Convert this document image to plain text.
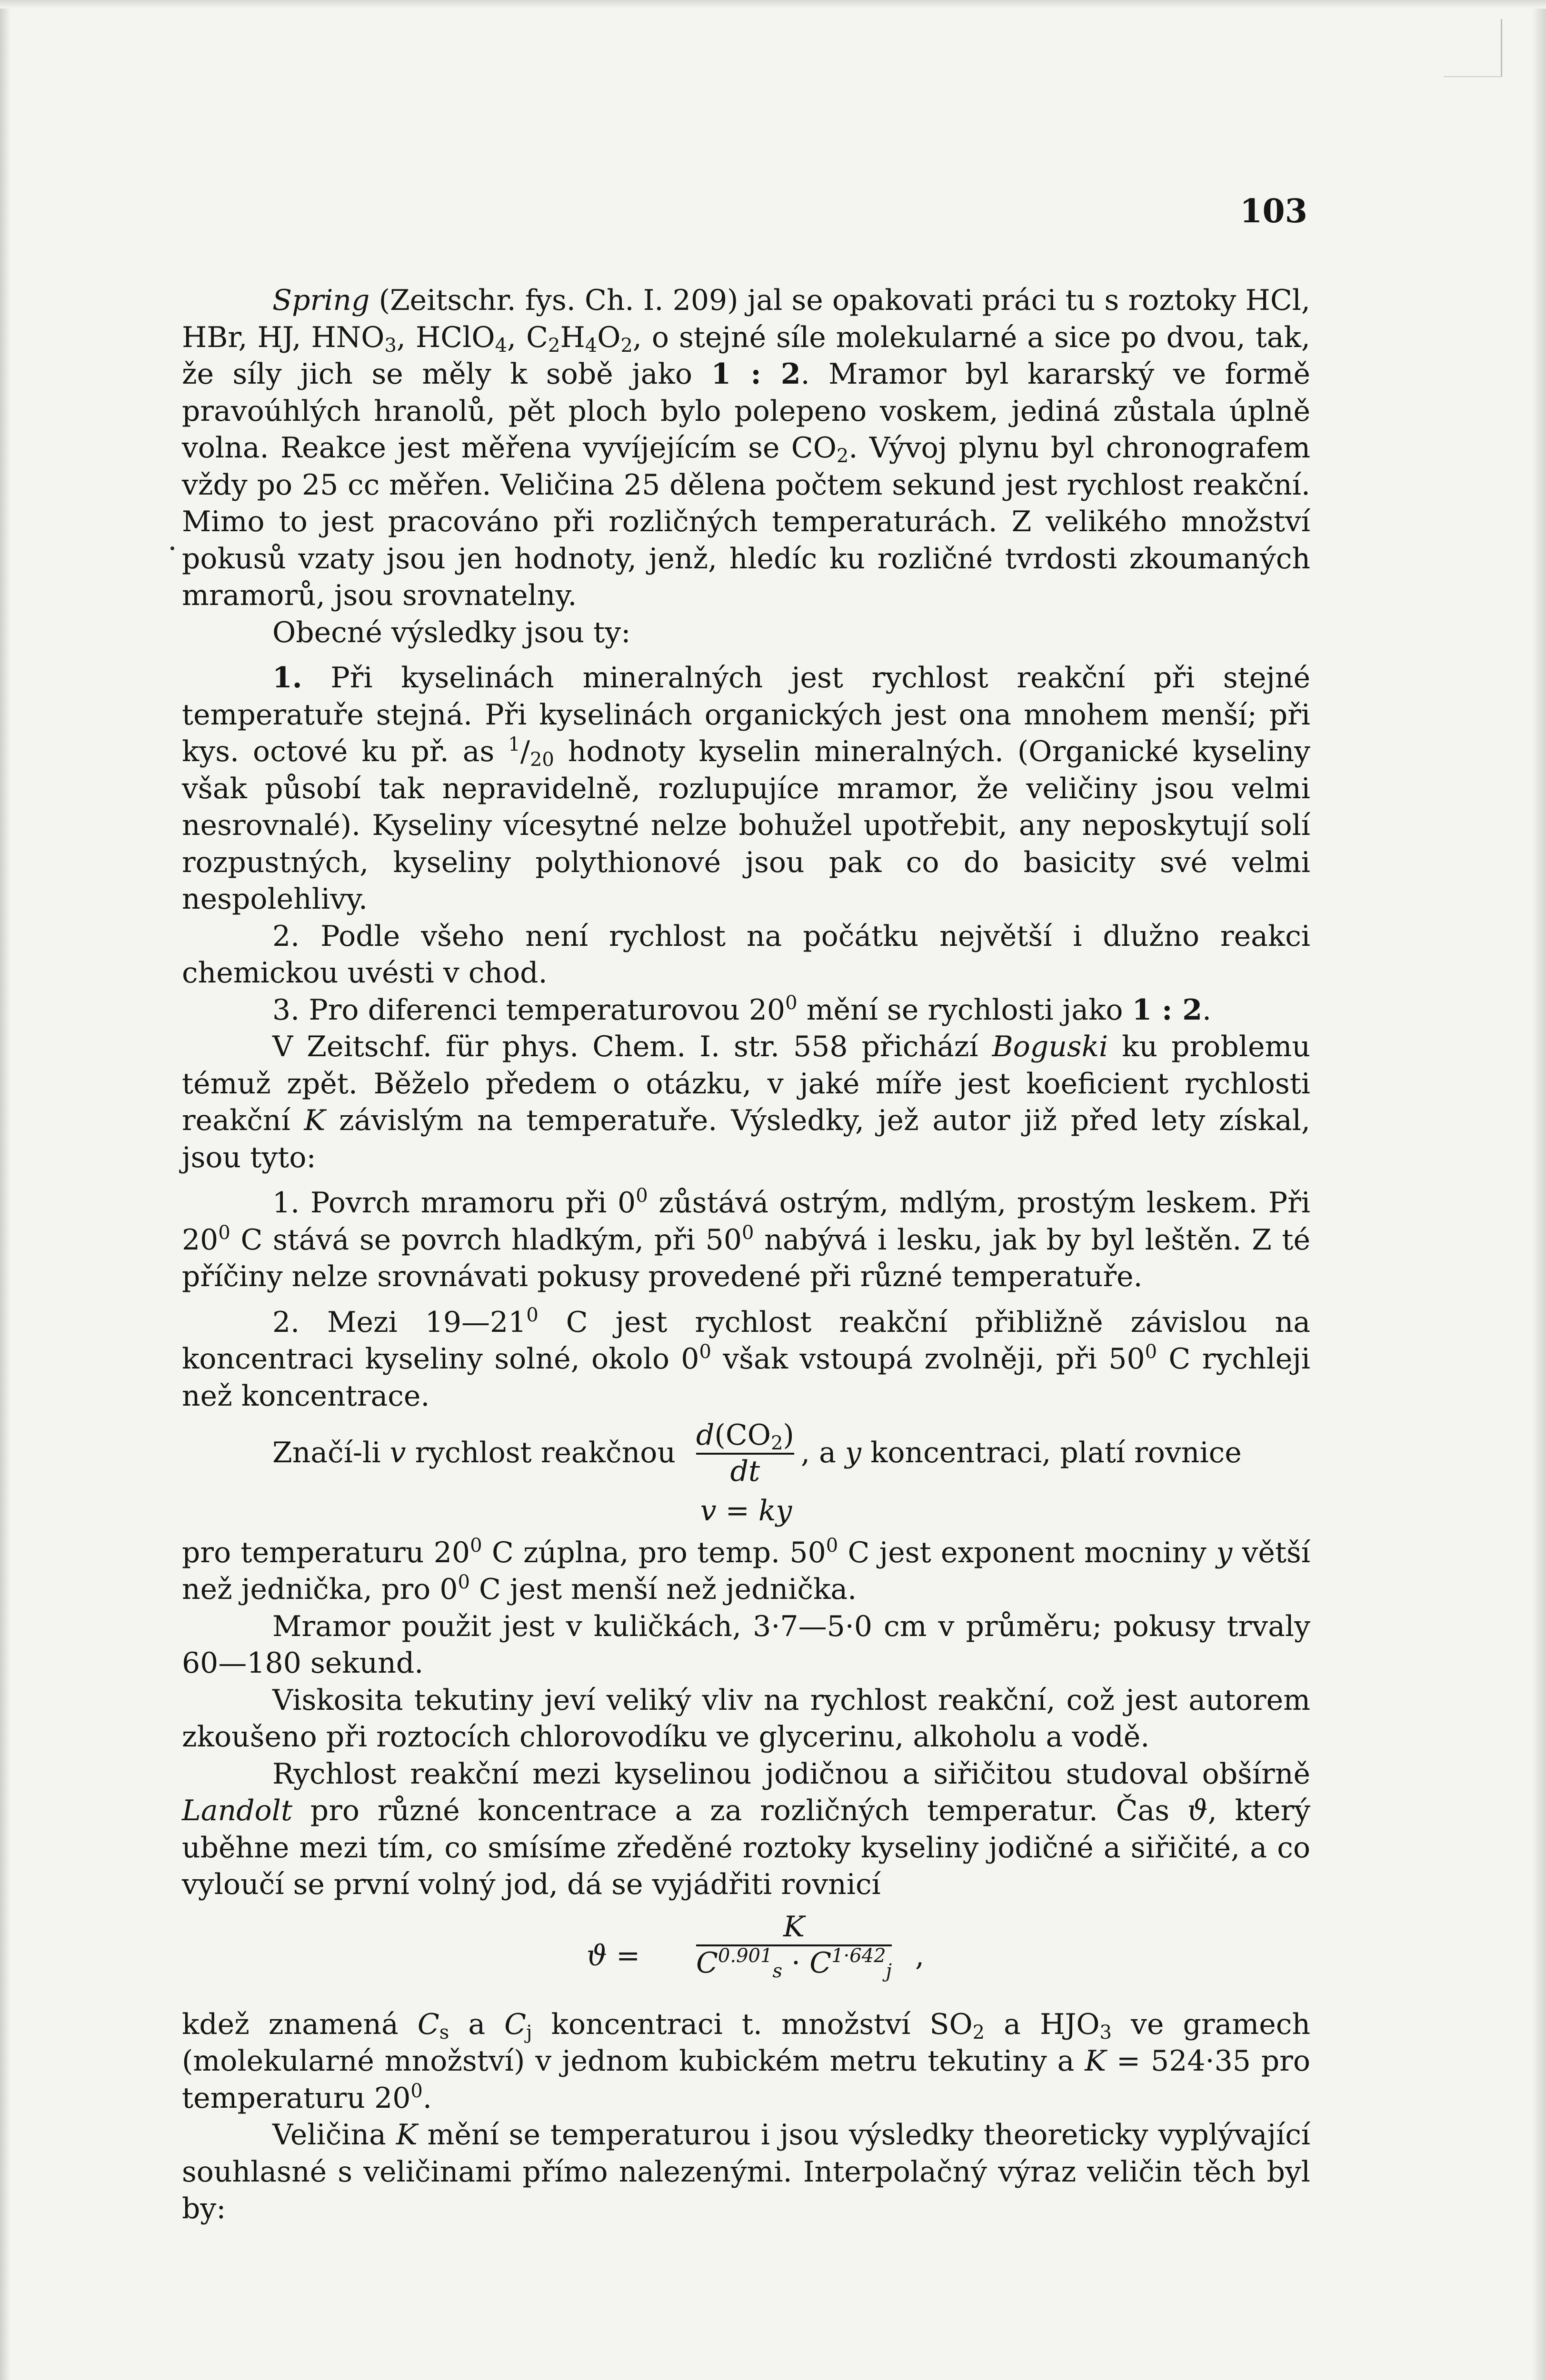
103

Spring (Zeitschr. fys. Ch. I. 209) jal se opakovati práci tu s roztoky HCl, HBr, HJ, $HNO_3$, HClO$_4$, $C_2H_4O_2$, o stejné síle molekularné a sice po dvou, tak, že síly jich se měly k sobě jako 1 : 2. Mramor byl kararský ve formě pravoúhlých hranolů, pět ploch bylo polepeno voskem, jediná zůstala úplně volna. Reakce jest měřena vyvíjejícím se $CO_2$. Vývoj plynu byl chronografem vždy po 25 cc měřen. Veličina 25 dělena počtem sekund jest rychlost reakční. Mimo to jest pracováno při rozličných temperaturách. Z velikého množství pokusů vzaty jsou jen hodnoty, jenž, hledíc ku rozličné tvrdosti zkoumaných mramorů, jsou srovnatelny.

Obecné výsledky jsou ty:

1. Při kyselinách mineralných jest rychlost reakční při stejné temperatuře stejná. Při kyselinách organických jest ona mnohem menší; při kys. octové ku př. as $^1/_{20}$ hodnoty kyselin mineralných. (Organické kyseliny však působí tak nepravidelně, rozlupujíce mramor, že veličiny jsou velmi nesrovnalé). Kyseliny vícesytné nelze bohužel upotřebit, any neposkytují solí rozpustných, kyseliny polythionové jsou pak co do basicity své velmi nespolehlivy.

2. Podle všeho není rychlost na počátku největší i dlužno reakci chemickou uvésti v chod.

3. Pro diferenci temperaturovou $20^0$ mění se rychlosti jako 1 : 2.

V Zeitschf. für phys. Chem. I. str. 558 přichází Boguski ku problemu témuž zpět. Běželo předem o otázku, v jaké míře jest koeficient rychlosti reakční K závislým na temperatuře. Výsledky, jež autor již před lety získal, jsou tyto:

1. Povrch mramoru při $0^0$ zůstává ostrým, mdlým, prostým leskem. Při $20^0$ C stává se povrch hladkým, při $50^0$ nabývá i lesku, jak by byl leštěn. Z té příčiny nelze srovnávati pokusy provedené při různé temperatuře.

2. Mezi $19—21^0$ C jest rychlost reakční přibližně závislou na koncentraci kyseliny solné, okolo $0^0$ však vstoupá zvolněji, při $50^0$ C rychleji než koncentrace.

Značí-li v rychlost reakčnou
$d(CO_2)$
dt
, a y koncentraci, platí rovnice
v = ky

pro temperaturu $20^0$ C zúplna, pro temp. $50^0$ C jest exponent mocniny y větší než jednička, pro $0^0$ C jest menší než jednička.

Mramor použit jest v kuličkách, 3·7—5·0 cm v průměru; pokusy trvaly 60—180 sekund.

Viskosita tekutiny jeví veliký vliv na rychlost reakční, což jest autorem zkoušeno při roztocích chlorovodíku ve glycerinu, alkoholu a vodě.

Rychlost reakční mezi kyselinou jodičnou a siřičitou studoval obšírně Landolt pro různé koncentrace a za rozličných temperatur. Čas ϑ, který uběhne mezi tím, co smísíme zředěné roztoky kyseliny jodičné a siřičité, a co vyloučí se první volný jod, dá se vyjádřiti rovnicí

ϑ =
K
$C^{0.901}_s \cdot C^{1\cdot 642}_j$ ,

kdež znamená $C_s$ a $C_j$ koncentraci t. množství $SO_2$ a $HJO_3$ ve gramech (molekularné množství) v jednom kubickém metru tekutiny a K = 524·35 pro temperaturu $20^0$.

Veličina K mění se temperaturou i jsou výsledky theoreticky vyplývající souhlasné s veličinami přímo nalezenými. Interpolačný výraz veličin těch byl by:
